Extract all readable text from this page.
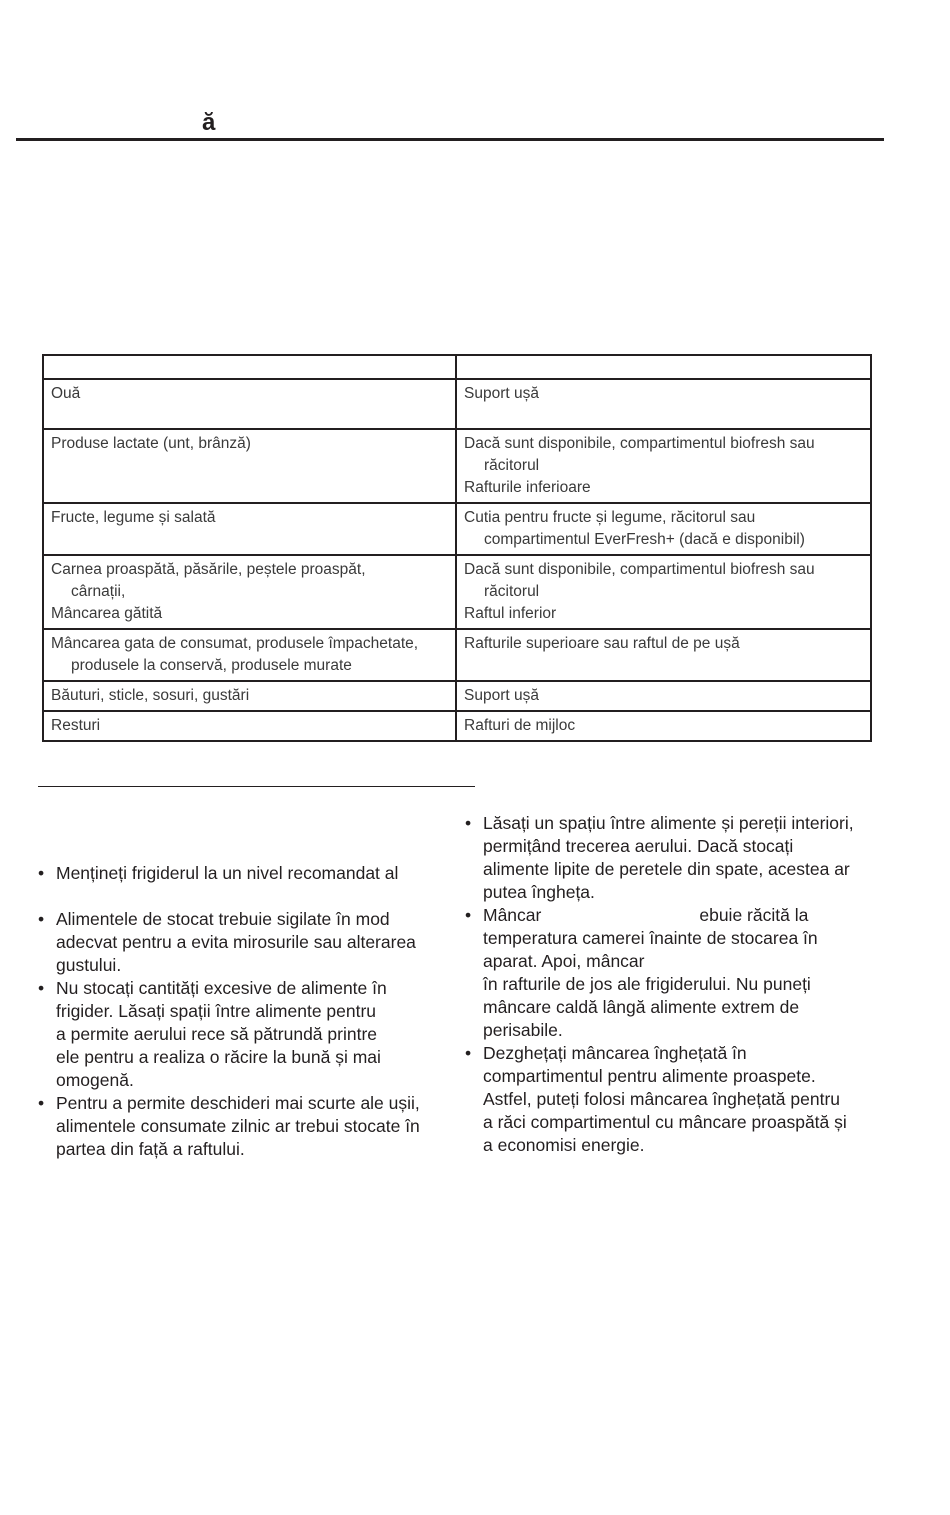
ă

Ouă	Suport ușă

Produse lactate (unt, brânză)	Dacă sunt disponibile, compartimentul biofresh sau
răcitorul
Rafturile inferioare

Fructe, legume și salată	Cutia pentru fructe și legume, răcitorul sau
compartimentul EverFresh+ (dacă e disponibil)

Carnea proaspătă, păsările, peștele proaspăt,
cârnații,
Mâncarea gătită	Dacă sunt disponibile, compartimentul biofresh sau
răcitorul
Raftul inferior

Mâncarea gata de consumat, produsele împachetate,
produsele la conservă, produsele murate	Rafturile superioare sau raftul de pe ușă

Băuturi, sticle, sosuri, gustări	Suport ușă

Resturi	Rafturi de mijloc
• Mențineți frigiderul la un nivel recomandat al
• Alimentele de stocat trebuie sigilate în mod
adecvat pentru a evita mirosurile sau alterarea
gustului.
• Nu stocați cantități excesive de alimente în
frigider. Lăsați spații între alimente pentru
a permite aerului rece să pătrundă printre
ele pentru a realiza o răcire la bună și mai
omogenă.
• Pentru a permite deschideri mai scurte ale ușii,
alimentele consumate zilnic ar trebui stocate în
partea din față a raftului.
• Lăsați un spațiu între alimente și pereții interiori,
permițând trecerea aerului. Dacă stocați
alimente lipite de peretele din spate, acestea ar
putea îngheța.
• Mâncar	ebuie răcită la
temperatura camerei înainte de stocarea în
aparat. Apoi, mâncar
în rafturile de jos ale frigiderului. Nu puneți
mâncare caldă lângă alimente extrem de
perisabile.
• Dezghețați mâncarea înghețată în
compartimentul pentru alimente proaspete.
Astfel, puteți folosi mâncarea înghețată pentru
a răci compartimentul cu mâncare proaspătă și
a economisi energie.
